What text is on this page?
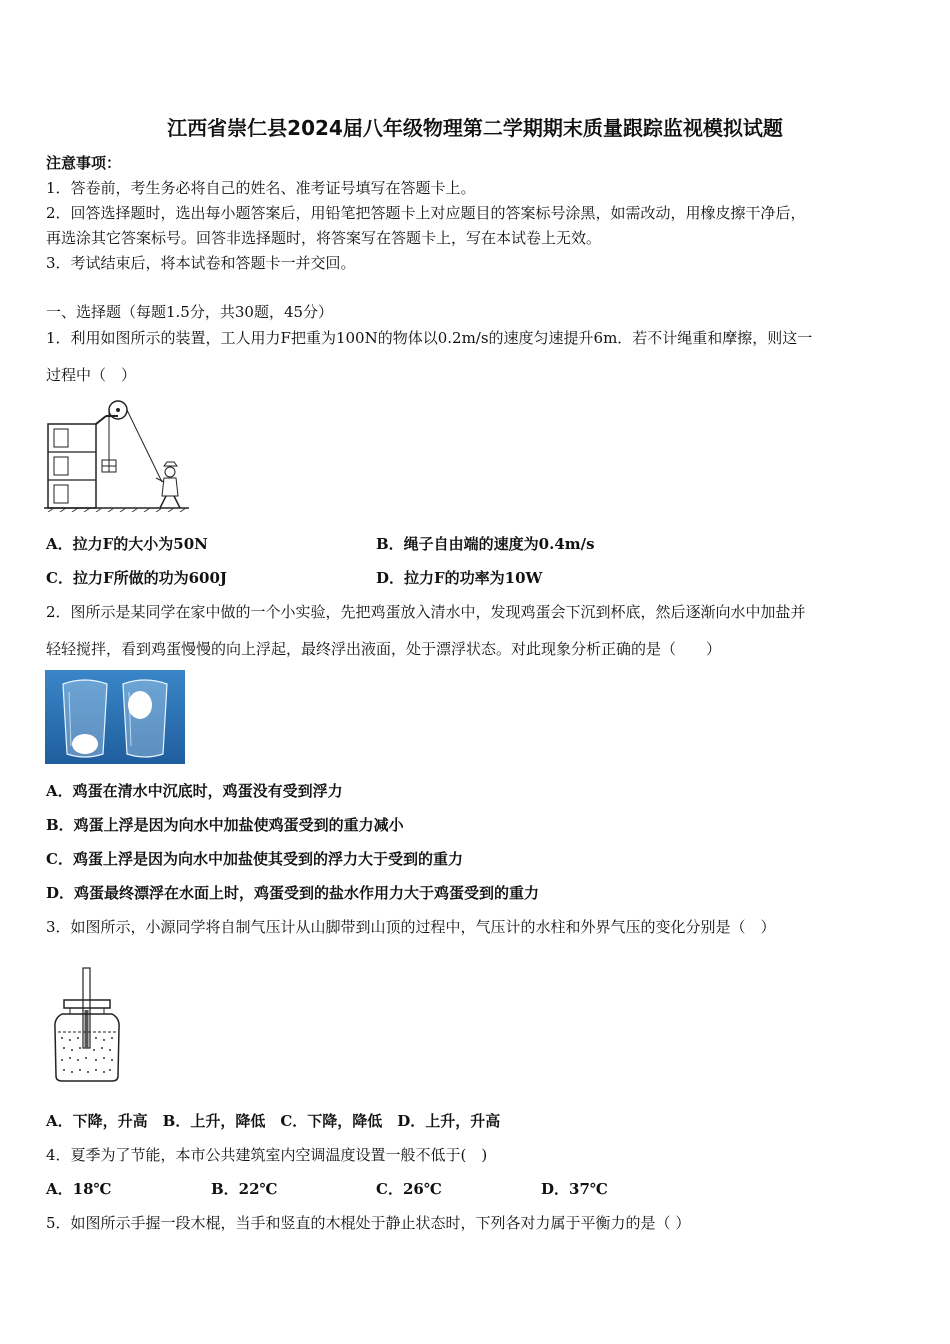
江西省崇仁县2024届八年级物理第二学期期末质量跟踪监视模拟试题
注意事项：
1．答卷前，考生务必将自己的姓名、准考证号填写在答题卡上。
2．回答选择题时，选出每小题答案后，用铅笔把答题卡上对应题目的答案标号涂黑，如需改动，用橡皮擦干净后，
再选涂其它答案标号。回答非选择题时，将答案写在答题卡上，写在本试卷上无效。
3．考试结束后，将本试卷和答题卡一并交回。
一、选择题（每题1.5分，共30题，45分）
1．利用如图所示的装置，工人用力F把重为100N的物体以0.2m/s的速度匀速提升6m．若不计绳重和摩擦，则这一
过程中（　）
A．拉力F的大小为50N	B．绳子自由端的速度为0.4m/s
C．拉力F所做的功为600J	D．拉力F的功率为10W
2．图所示是某同学在家中做的一个小实验，先把鸡蛋放入清水中，发现鸡蛋会下沉到杯底，然后逐渐向水中加盐并
轻轻搅拌，看到鸡蛋慢慢的向上浮起，最终浮出液面，处于漂浮状态。对此现象分析正确的是（　　）
A．鸡蛋在清水中沉底时，鸡蛋没有受到浮力
B．鸡蛋上浮是因为向水中加盐使鸡蛋受到的重力减小
C．鸡蛋上浮是因为向水中加盐使其受到的浮力大于受到的重力
D．鸡蛋最终漂浮在水面上时，鸡蛋受到的盐水作用力大于鸡蛋受到的重力
3．如图所示，小源同学将自制气压计从山脚带到山顶的过程中，气压计的水柱和外界气压的变化分别是（　）
A．下降，升高　B．上升，降低　C．下降，降低　D．上升，升高
4．夏季为了节能，本市公共建筑室内空调温度设置一般不低于(　)
A．18℃	B．22℃	C．26℃	D．37℃
5．如图所示手握一段木棍，当手和竖直的木棍处于静止状态时，下列各对力属于平衡力的是（ ）
